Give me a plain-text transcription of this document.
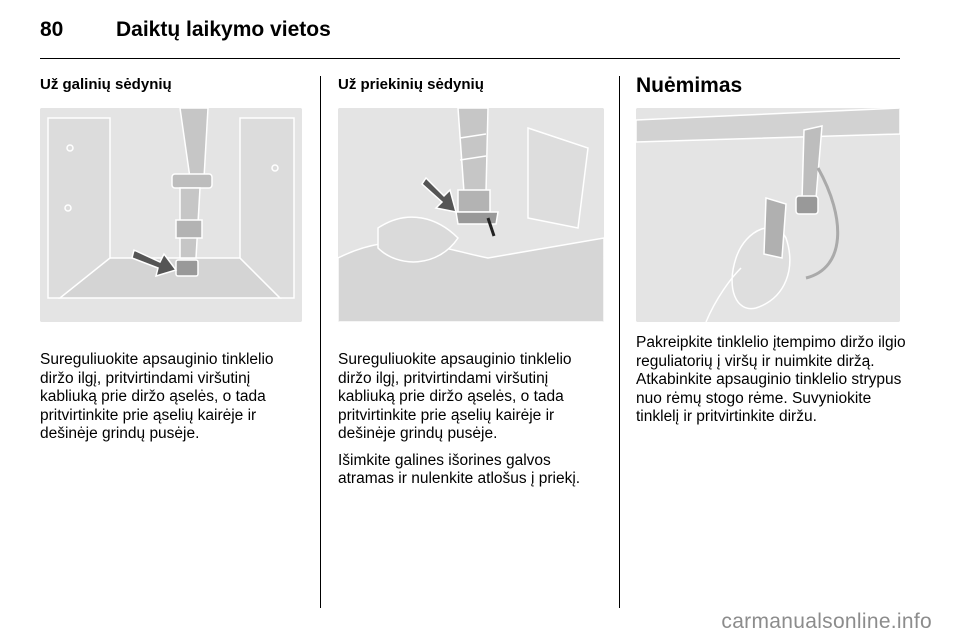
80	Daiktų laikymo vietos
Už galinių sėdynių

Sureguliuokite apsauginio tinklelio diržo ilgį, pritvirtindami viršutinį kabliuką prie diržo ąselės, o tada pritvirtinkite prie ąselių kairėje ir dešinėje grindų pusėje.

Už priekinių sėdynių

Sureguliuokite apsauginio tinklelio diržo ilgį, pritvirtindami viršutinį kabliuką prie diržo ąselės, o tada pritvirtinkite prie ąselių kairėje ir dešinėje grindų pusėje.

Išimkite galines išorines galvos atramas ir nulenkite atlošus į priekį.

Nuėmimas

Pakreipkite tinklelio įtempimo diržo ilgio reguliatorių į viršų ir nuimkite diržą. Atkabinkite apsauginio tinklelio strypus nuo rėmų stogo rėme. Suvyniokite tinklelį ir pritvirtinkite diržu.

carmanualsonline.info
